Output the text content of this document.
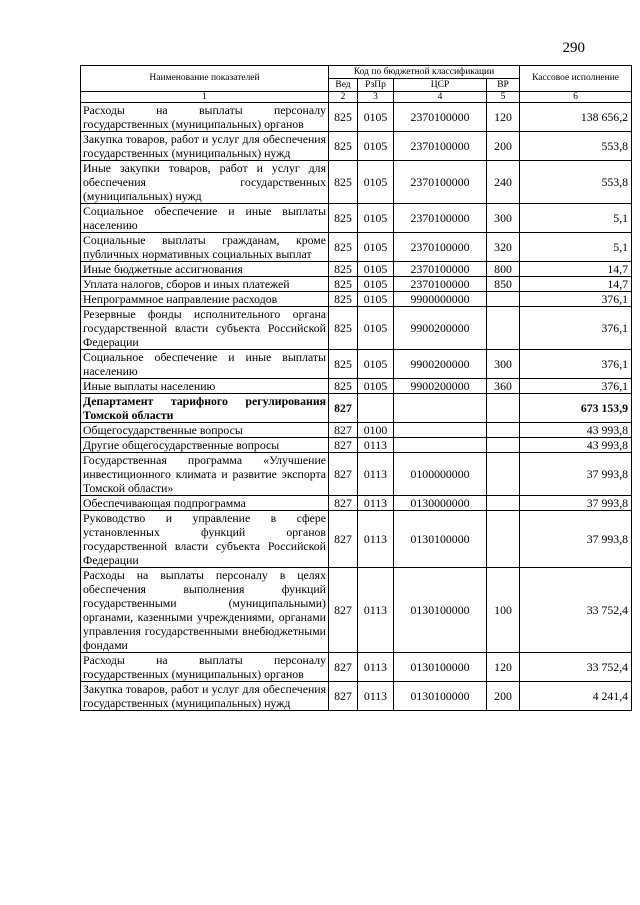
290
Наименование показателей	Код по бюджетной классификации				Кассовое исполнение
	Вед	РзПр	ЦСР	ВР	
1	2	3	4	5	6
Расходы на выплаты персоналу государственных (муниципальных) органов	825	0105	2370100000	120	138 656,2
Закупка товаров, работ и услуг для обеспечения государственных (муниципальных) нужд	825	0105	2370100000	200	553,8
Иные закупки товаров, работ и услуг для обеспечения государственных (муниципальных) нужд	825	0105	2370100000	240	553,8
Социальное обеспечение и иные выплаты населению	825	0105	2370100000	300	5,1
Социальные выплаты гражданам, кроме публичных нормативных социальных выплат	825	0105	2370100000	320	5,1
Иные бюджетные ассигнования	825	0105	2370100000	800	14,7
Уплата налогов, сборов и иных платежей	825	0105	2370100000	850	14,7
Непрограммное направление расходов	825	0105	9900000000		376,1
Резервные фонды исполнительного органа государственной власти субъекта Российской Федерации	825	0105	9900200000		376,1
Социальное обеспечение и иные выплаты населению	825	0105	9900200000	300	376,1
Иные выплаты населению	825	0105	9900200000	360	376,1
Департамент тарифного регулирования Томской области	827				673 153,9
Общегосударственные вопросы	827	0100			43 993,8
Другие общегосударственные вопросы	827	0113			43 993,8
Государственная программа «Улучшение инвестиционного климата и развитие экспорта Томской области»	827	0113	0100000000		37 993,8
Обеспечивающая подпрограмма	827	0113	0130000000		37 993,8
Руководство и управление в сфере установленных функций органов государственной власти субъекта Российской Федерации	827	0113	0130100000		37 993,8
Расходы на выплаты персоналу в целях обеспечения выполнения функций государственными (муниципальными) органами, казенными учреждениями, органами управления государственными внебюджетными фондами	827	0113	0130100000	100	33 752,4
Расходы на выплаты персоналу государственных (муниципальных) органов	827	0113	0130100000	120	33 752,4
Закупка товаров, работ и услуг для обеспечения государственных (муниципальных) нужд	827	0113	0130100000	200	4 241,4
